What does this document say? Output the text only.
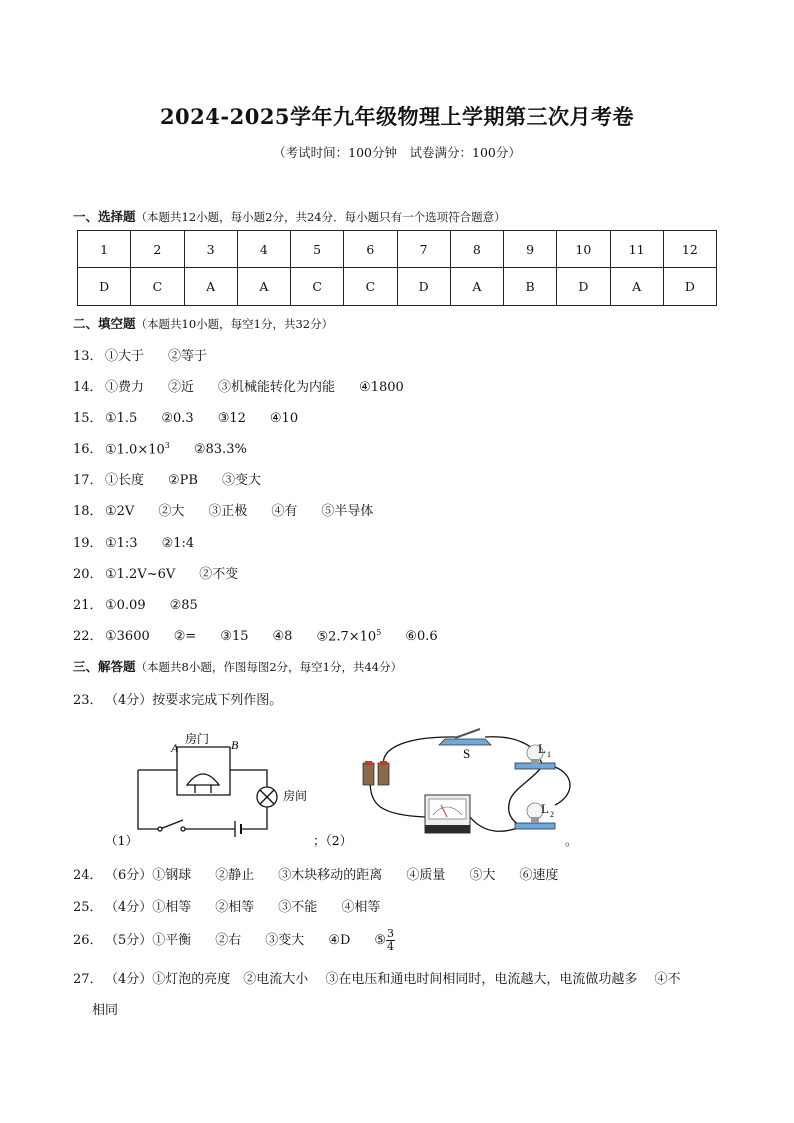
2024-2025学年九年级物理上学期第三次月考卷
（考试时间：100分钟　试卷满分：100分）
一、选择题（本题共12小题，每小题2分，共24分．每小题只有一个选项符合题意）
1	2	3	4	5	6	7	8	9	10	11	12
D	C	A	A	C	C	D	A	B	D	A	D
二、填空题（本题共10小题，每空1分，共32分）
13． ①大于 ②等于
14． ①费力 ②近 ③机械能转化为内能 ④1800
15． ①1.5 ②0.3 ③12 ④10
16． $①1.0\times 10^3$ ②83.3%
17． ①长度 ②PB ③变大
18． ①2V ②大 ③正极 ④有 ⑤半导体
19． ①1:3 ②1:4
20． ①1.2V~6V ②不变
21． ①0.09 ②85
22． ①3600 ②= ③15 ④8 $⑤2.7\times 10^5$ ⑥0.6
三、解答题（本题共8小题，作图每图2分，每空1分，共44分）
23． （4分）按要求完成下列作图。
A
房门 B
房间
（1）	；（2）	。
S	L 1
L 2
24． （6分）①钢球 ②静止 ③木块移动的距离 ④质量 ⑤大 ⑥速度
25． （4分）①相等 ②相等 ③不能 ④相等
26． （5分）①平衡 ②右 ③变大 ④D ⑤ $\frac{3}{4}$
27． （4分）①灯泡的亮度　②电流大小　 ③在电压和通电时间相同时，电流越大，电流做功越多　 ④不
相同
